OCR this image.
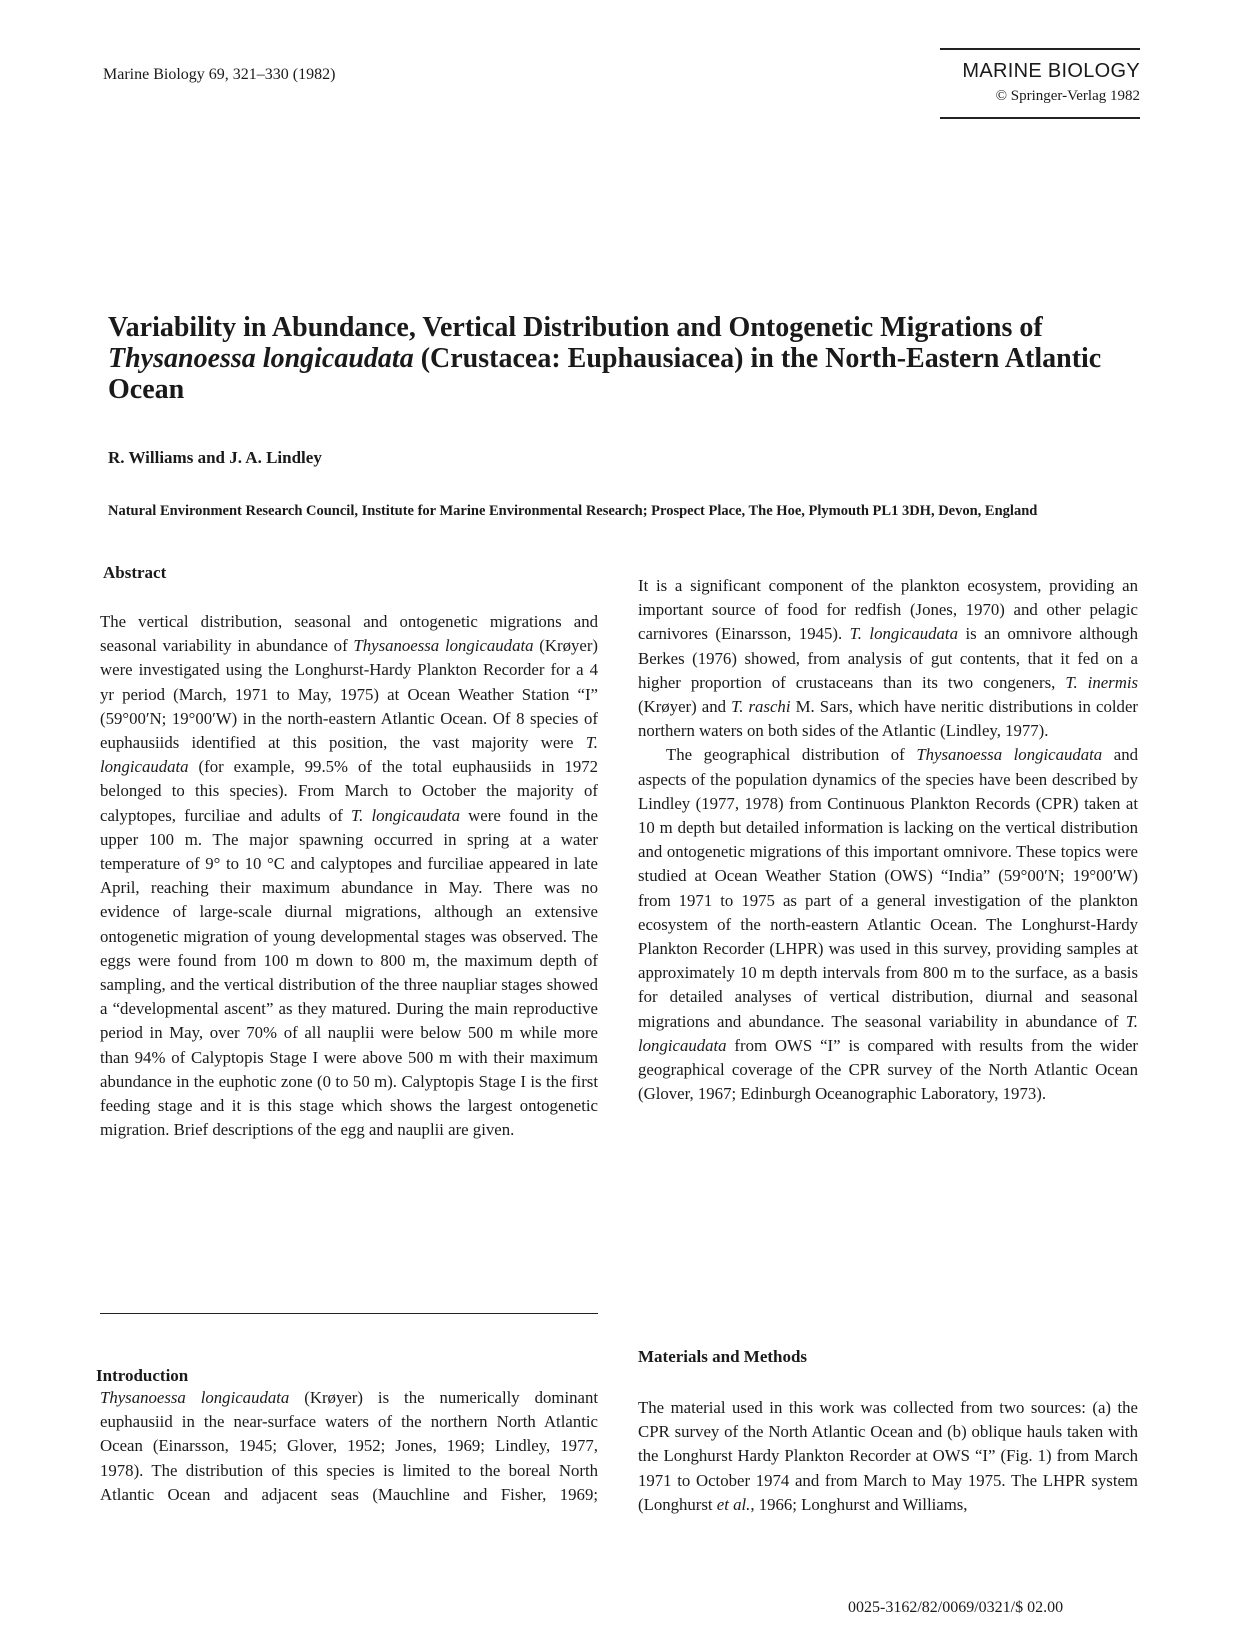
Marine Biology 69, 321–330 (1982)	MARINE BIOLOGY
© Springer-Verlag 1982
Variability in Abundance, Vertical Distribution and Ontogenetic Migrations of Thysanoessa longicaudata (Crustacea: Euphausiacea) in the North-Eastern Atlantic Ocean
R. Williams and J. A. Lindley
Natural Environment Research Council, Institute for Marine Environmental Research; Prospect Place, The Hoe, Plymouth PL1 3DH, Devon, England
Abstract

The vertical distribution, seasonal and ontogenetic migrations and seasonal variability in abundance of Thysanoessa longicaudata (Krøyer) were investigated using the Longhurst-Hardy Plankton Recorder for a 4 yr period (March, 1971 to May, 1975) at Ocean Weather Station “I” (59°00′N; 19°00′W) in the north-eastern Atlantic Ocean. Of 8 species of euphausiids identified at this position, the vast majority were T. longicaudata (for example, 99.5% of the total euphausiids in 1972 belonged to this species). From March to October the majority of calyptopes, furciliae and adults of T. longicaudata were found in the upper 100 m. The major spawning occurred in spring at a water temperature of 9° to 10 °C and calyptopes and furciliae appeared in late April, reaching their maximum abundance in May. There was no evidence of large-scale diurnal migrations, although an extensive ontogenetic migration of young developmental stages was observed. The eggs were found from 100 m down to 800 m, the maximum depth of sampling, and the vertical distribution of the three naupliar stages showed a “developmental ascent” as they matured. During the main reproductive period in May, over 70% of all nauplii were below 500 m while more than 94% of Calyptopis Stage I were above 500 m with their maximum abundance in the euphotic zone (0 to 50 m). Calyptopis Stage I is the first feeding stage and it is this stage which shows the largest ontogenetic migration. Brief descriptions of the egg and nauplii are given.

Introduction

Thysanoessa longicaudata (Krøyer) is the numerically dominant euphausiid in the near-surface waters of the northern North Atlantic Ocean (Einarsson, 1945; Glover, 1952; Jones, 1969; Lindley, 1977, 1978). The distribution of this species is limited to the boreal North Atlantic Ocean and adjacent seas (Mauchline and Fisher, 1969;

It is a significant component of the plankton ecosystem, providing an important source of food for redfish (Jones, 1970) and other pelagic carnivores (Einarsson, 1945). T. longicaudata is an omnivore although Berkes (1976) showed, from analysis of gut contents, that it fed on a higher proportion of crustaceans than its two congeners, T. inermis (Krøyer) and T. raschi M. Sars, which have neritic distributions in colder northern waters on both sides of the Atlantic (Lindley, 1977).

The geographical distribution of Thysanoessa longicaudata and aspects of the population dynamics of the species have been described by Lindley (1977, 1978) from Continuous Plankton Records (CPR) taken at 10 m depth but detailed information is lacking on the vertical distribution and ontogenetic migrations of this important omnivore. These topics were studied at Ocean Weather Station (OWS) “India” (59°00′N; 19°00′W) from 1971 to 1975 as part of a general investigation of the plankton ecosystem of the north-eastern Atlantic Ocean. The Longhurst-Hardy Plankton Recorder (LHPR) was used in this survey, providing samples at approximately 10 m depth intervals from 800 m to the surface, as a basis for detailed analyses of vertical distribution, diurnal and seasonal migrations and abundance. The seasonal variability in abundance of T. longicaudata from OWS “I” is compared with results from the wider geographical coverage of the CPR survey of the North Atlantic Ocean (Glover, 1967; Edinburgh Oceanographic Laboratory, 1973).

Materials and Methods

The material used in this work was collected from two sources: (a) the CPR survey of the North Atlantic Ocean and (b) oblique hauls taken with the Longhurst Hardy Plankton Recorder at OWS “I” (Fig. 1) from March 1971 to October 1974 and from March to May 1975. The LHPR system (Longhurst et al., 1966; Longhurst and Williams,

0025-3162/82/0069/0321/$ 02.00
